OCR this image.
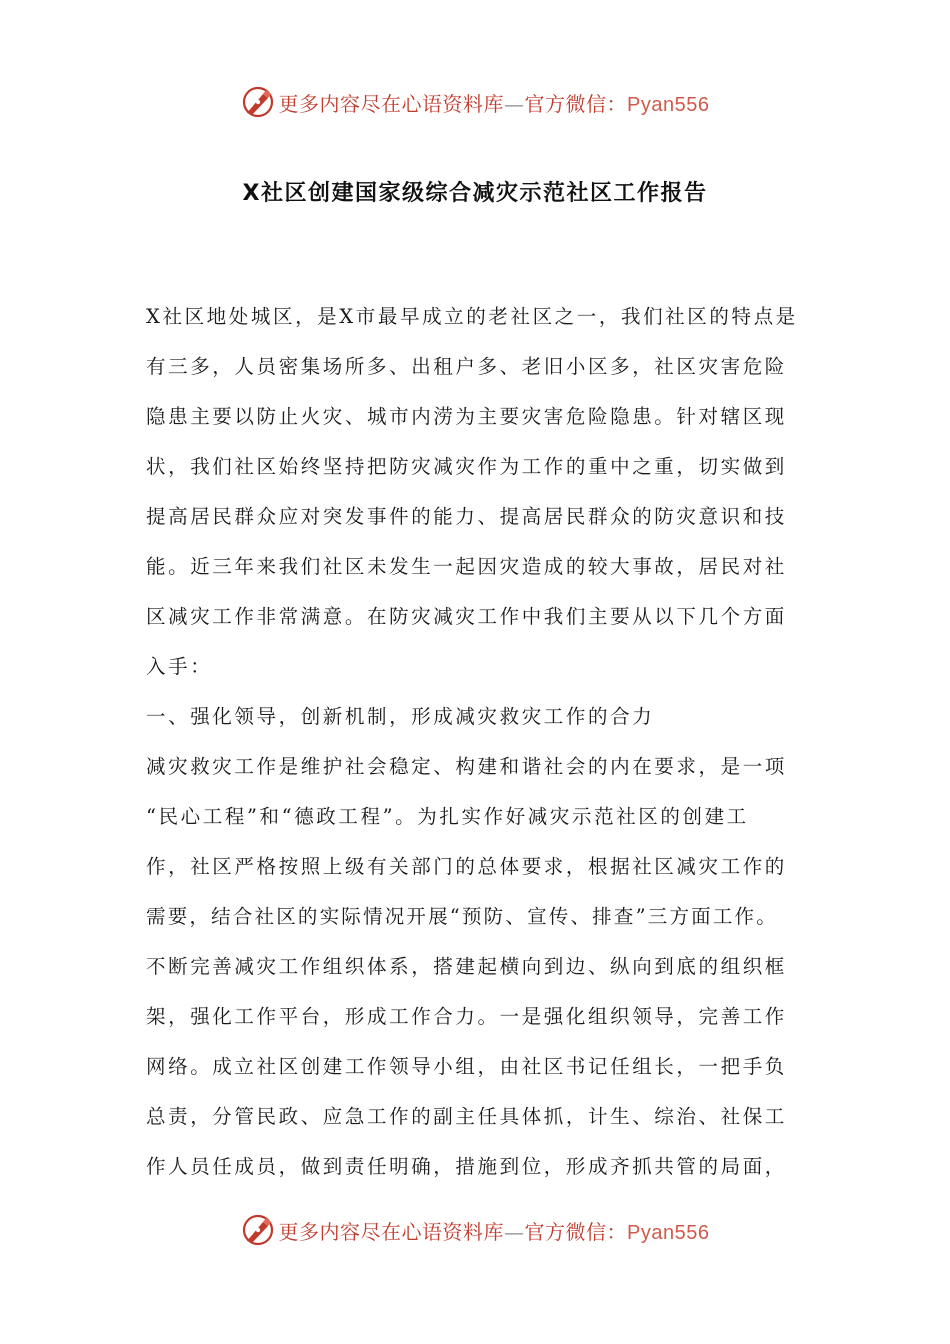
更多内容尽在心语资料库—官方微信：Pyan556
X社区创建国家级综合减灾示范社区工作报告
X社区地处城区，是X市最早成立的老社区之一，我们社区的特点是
有三多，人员密集场所多、出租户多、老旧小区多，社区灾害危险
隐患主要以防止火灾、城市内涝为主要灾害危险隐患。针对辖区现
状，我们社区始终坚持把防灾减灾作为工作的重中之重，切实做到
提高居民群众应对突发事件的能力、提高居民群众的防灾意识和技
能。近三年来我们社区未发生一起因灾造成的较大事故，居民对社
区减灾工作非常满意。在防灾减灾工作中我们主要从以下几个方面
入手：
一、强化领导，创新机制，形成减灾救灾工作的合力
减灾救灾工作是维护社会稳定、构建和谐社会的内在要求，是一项
“民心工程”和“德政工程”。为扎实作好减灾示范社区的创建工
作，社区严格按照上级有关部门的总体要求，根据社区减灾工作的
需要，结合社区的实际情况开展“预防、宣传、排查”三方面工作。
不断完善减灾工作组织体系，搭建起横向到边、纵向到底的组织框
架，强化工作平台，形成工作合力。一是强化组织领导，完善工作
网络。成立社区创建工作领导小组，由社区书记任组长，一把手负
总责，分管民政、应急工作的副主任具体抓，计生、综治、社保工
作人员任成员，做到责任明确，措施到位，形成齐抓共管的局面，
更多内容尽在心语资料库—官方微信：Pyan556
